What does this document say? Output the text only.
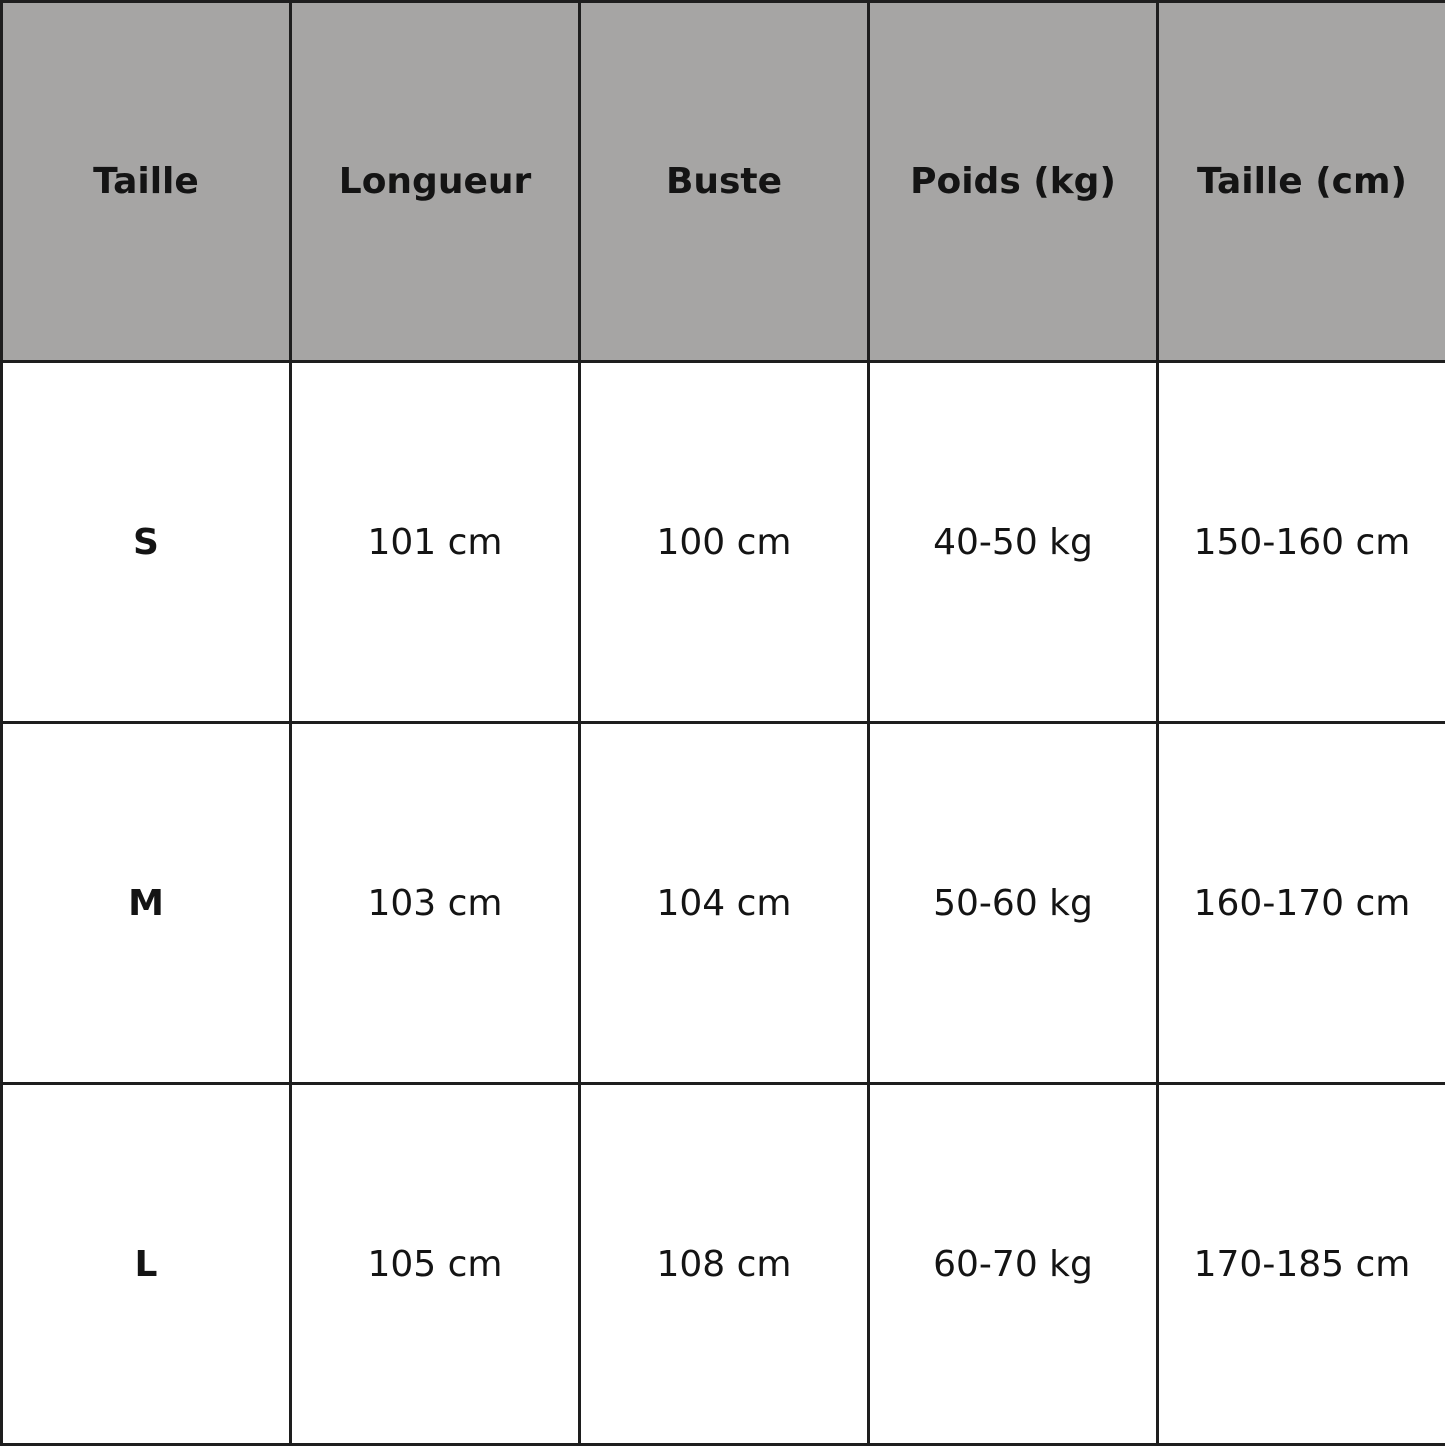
Taille	Longueur	Buste	Poids (kg)	Taille (cm)
S	101 cm	100 cm	40-50 kg	150-160 cm
M	103 cm	104 cm	50-60 kg	160-170 cm
L	105 cm	108 cm	60-70 kg	170-185 cm
